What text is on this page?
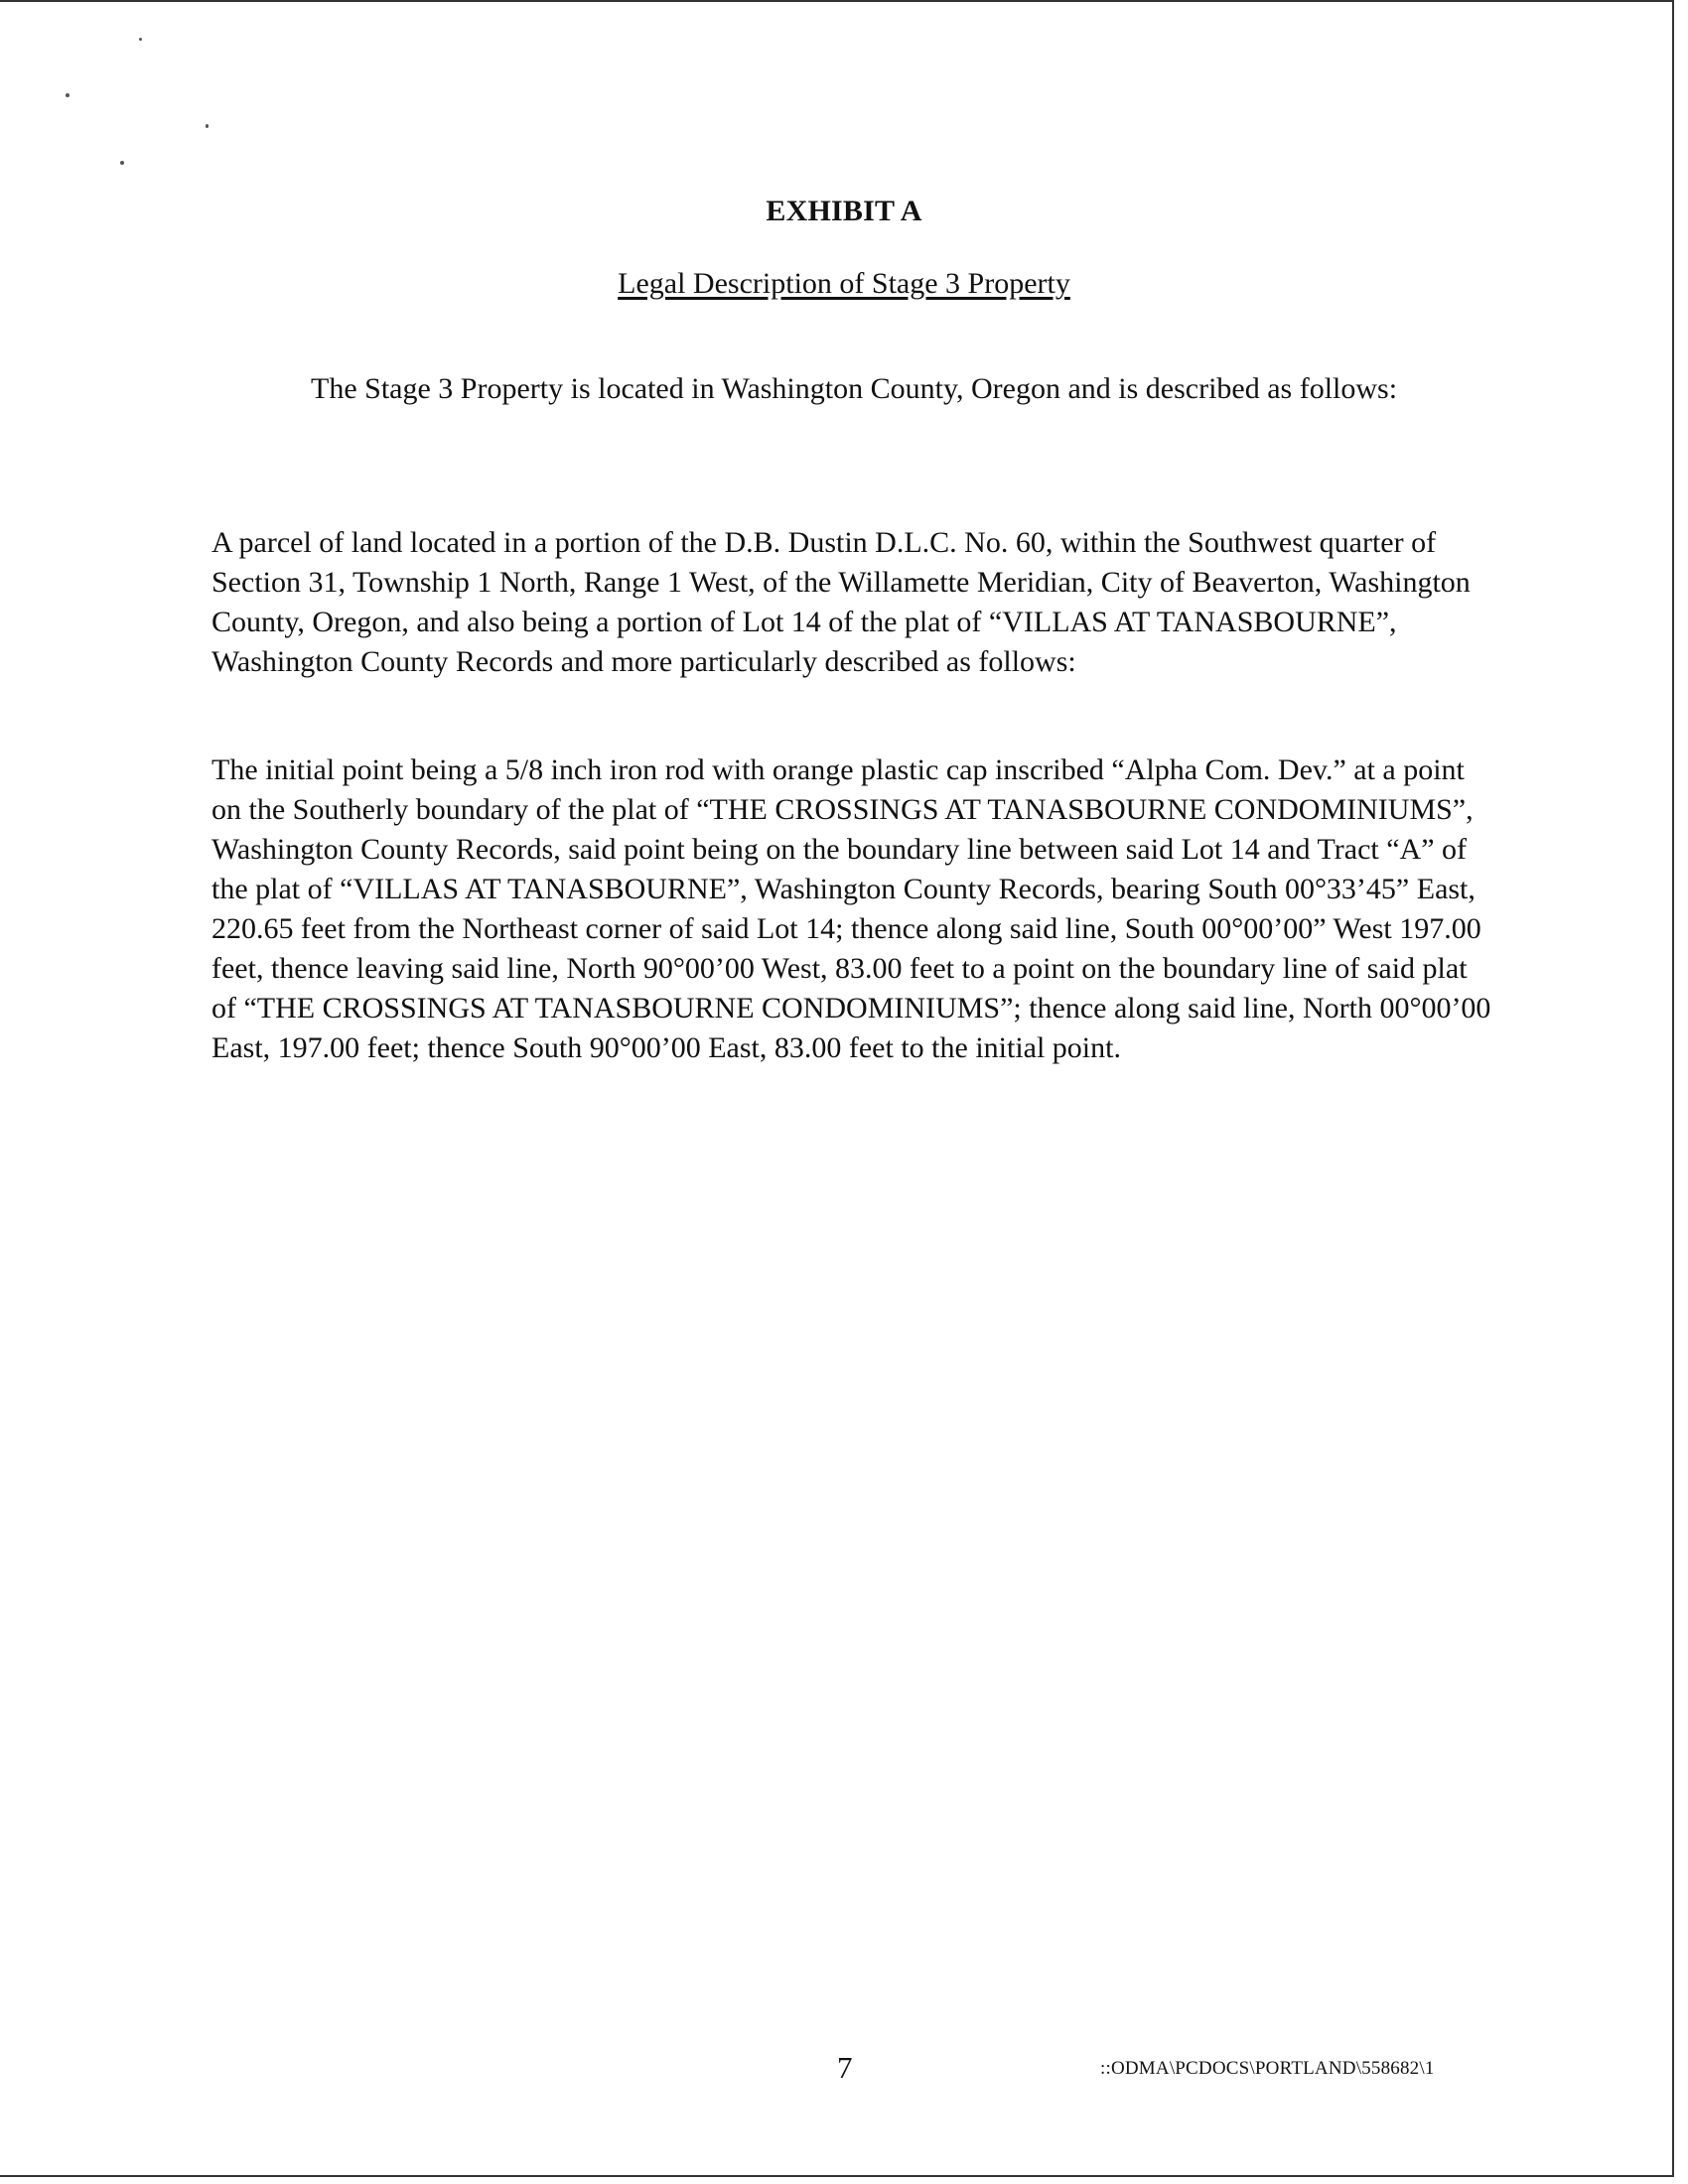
EXHIBIT A
Legal Description of Stage 3 Property
The Stage 3 Property is located in Washington County, Oregon and is described as follows:
A parcel of land located in a portion of the D.B. Dustin D.L.C. No. 60, within the Southwest quarter of Section 31, Township 1 North, Range 1 West, of the Willamette Meridian, City of Beaverton, Washington County, Oregon, and also being a portion of Lot 14 of the plat of “VILLAS AT TANASBOURNE”, Washington County Records and more particularly described as follows:
The initial point being a 5/8 inch iron rod with orange plastic cap inscribed “Alpha Com. Dev.” at a point on the Southerly boundary of the plat of “THE CROSSINGS AT TANASBOURNE CONDOMINIUMS”, Washington County Records, said point being on the boundary line between said Lot 14 and Tract “A” of the plat of “VILLAS AT TANASBOURNE”, Washington County Records, bearing South 00°33’45” East, 220.65 feet from the Northeast corner of said Lot 14; thence along said line, South 00°00’00” West 197.00 feet, thence leaving said line, North 90°00’00 West, 83.00 feet to a point on the boundary line of said plat of “THE CROSSINGS AT TANASBOURNE CONDOMINIUMS”; thence along said line, North 00°00’00 East, 197.00 feet; thence South 90°00’00 East, 83.00 feet to the initial point.
7	::ODMA\PCDOCS\PORTLAND\558682\1
